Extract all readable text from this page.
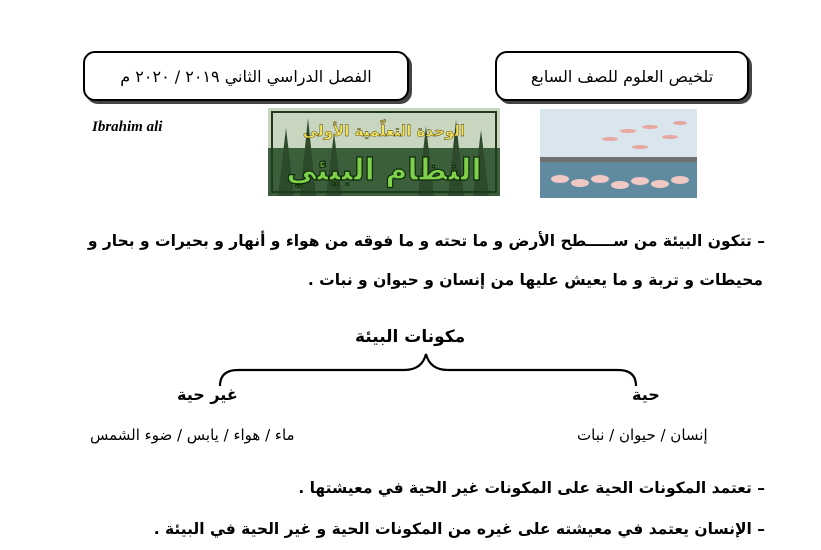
تلخيص العلوم للصف السابع
الفصل الدراسي الثاني ٢٠١٩ / ٢٠٢٠ م
Ibrahim ali	الوحدة التعلّمية الأولى
النظام البيئي
– تتكون البيئة من ســـــطح الأرض و ما تحته و ما فوقه من هواء و أنهار و بحيرات و بحار و
محيطات و تربة و ما يعيش عليها من إنسان و حيوان و نبات .
مكونات البيئة
حية
غير حية
إنسان / حيوان / نبات
ماء / هواء / يابس / ضوء الشمس
– تعتمد المكونات الحية على المكونات غير الحية في معيشتها .
– الإنسان يعتمد في معيشته على غيره من المكونات الحية و غير الحية في البيئة .
